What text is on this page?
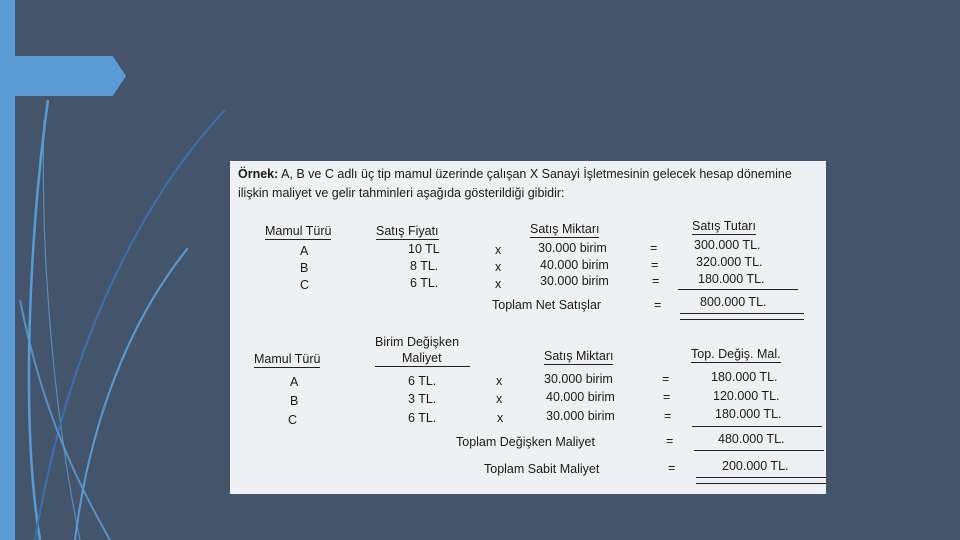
Örnek: A, B ve C adlı üç tip mamul üzerinde çalışan X Sanayi İşletmesinin gelecek hesap dönemine ilişkin maliyet ve gelir tahminleri aşağıda gösterildiği gibidir:
Mamul Türü	Satış Fiyatı	Satış Miktarı	Satış Tutarı
A	10 TL	x	30.000 birim	=	300.000 TL.
B	8 TL.	x	40.000 birim	=	320.000 TL.
C	6 TL.	x	30.000 birim	=	180.000 TL.
Toplam Net Satışlar	=	800.000 TL.
Birim Değişken
Mamul Türü	Maliyet	Satış Miktarı	Top. Değiş. Mal.
A	6 TL.	x	30.000 birim	=	180.000 TL.
B	3 TL.	x	40.000 birim	=	120.000 TL.
C	6 TL.	x	30.000 birim	=	180.000 TL.
Toplam Değişken Maliyet	=	480.000 TL.
Toplam Sabit Maliyet	=	200.000 TL.
